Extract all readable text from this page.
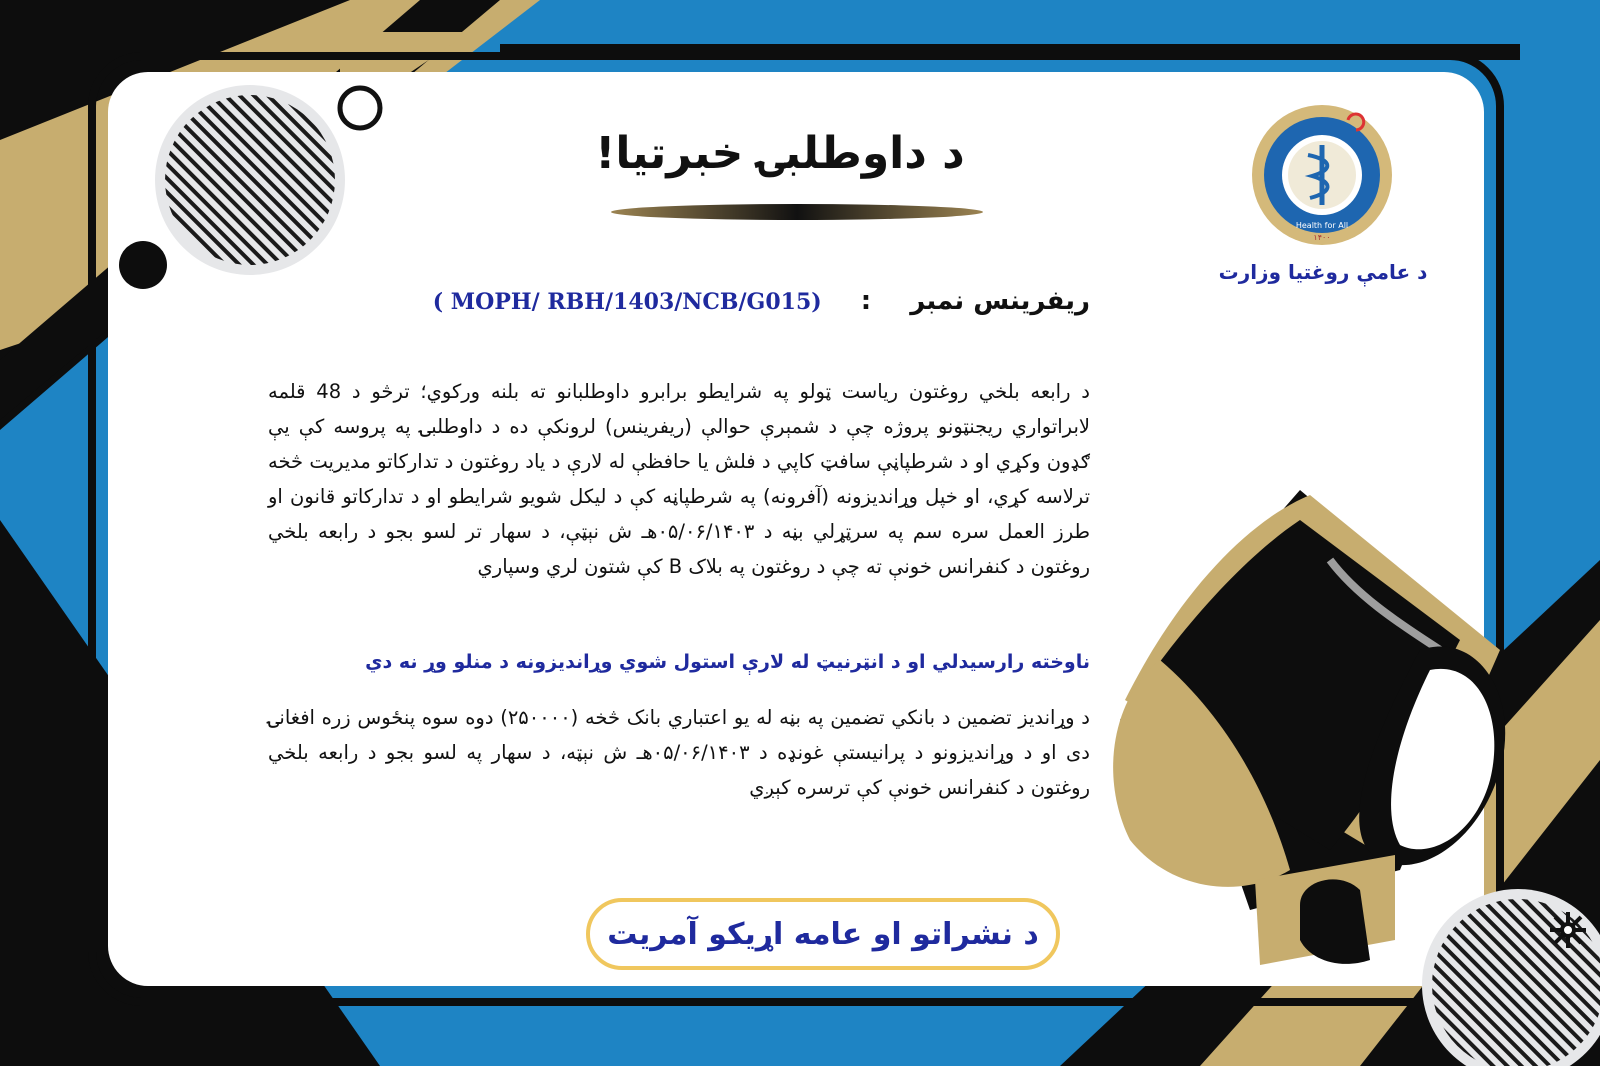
Health for All
۱۴۰۰
د عامې روغتیا وزارت
د داوطلبۍ خبرتیا!
ریفرینس نمبر : ( MOPH/ RBH/1403/NCB/G015)
د رابعه بلخي روغتون ریاست ټولو په شرایطو برابرو داوطلبانو ته بلنه ورکوي؛ ترڅو د 48 قلمه لابراتواري ریجنټونو پروژه چې د شمېرې حوالې (ریفرینس) لرونکې ده د داوطلبۍ په پروسه کې یې ګډون وکړي او د شرطپاڼې سافټ کاپي د فلش یا حافظې له لارې د یاد روغتون د تدارکاتو مدیریت څخه ترلاسه کړي، او خپل وړاندیزونه (آفرونه) په شرطپاڼه کې د لیکل شویو شرایطو او د تدارکاتو قانون او طرز العمل سره سم په سرټړلي بڼه د ۰۵/۰۶/۱۴۰۳هـ ش نېټې، د سهار تر لسو بجو د رابعه بلخي روغتون د کنفرانس خونې ته چې د روغتون په بلاک B کې شتون لري وسپاري
ناوخته رارسیدلي او د انټرنیټ له لارې استول شوي وړاندیزونه د منلو وړ نه دي
د وړاندیز تضمین د بانکي تضمین په بڼه له یو اعتباري بانک څخه (۲۵۰۰۰۰) دوه سوه پنځوس زره افغانۍ دی او د وړاندیزونو د پرانیستې غونډه د ۰۵/۰۶/۱۴۰۳هـ ش نېټه، د سهار په لسو بجو د رابعه بلخي روغتون د کنفرانس خونې کې ترسره کېږي
د نشراتو او عامه اړیکو آمریت
